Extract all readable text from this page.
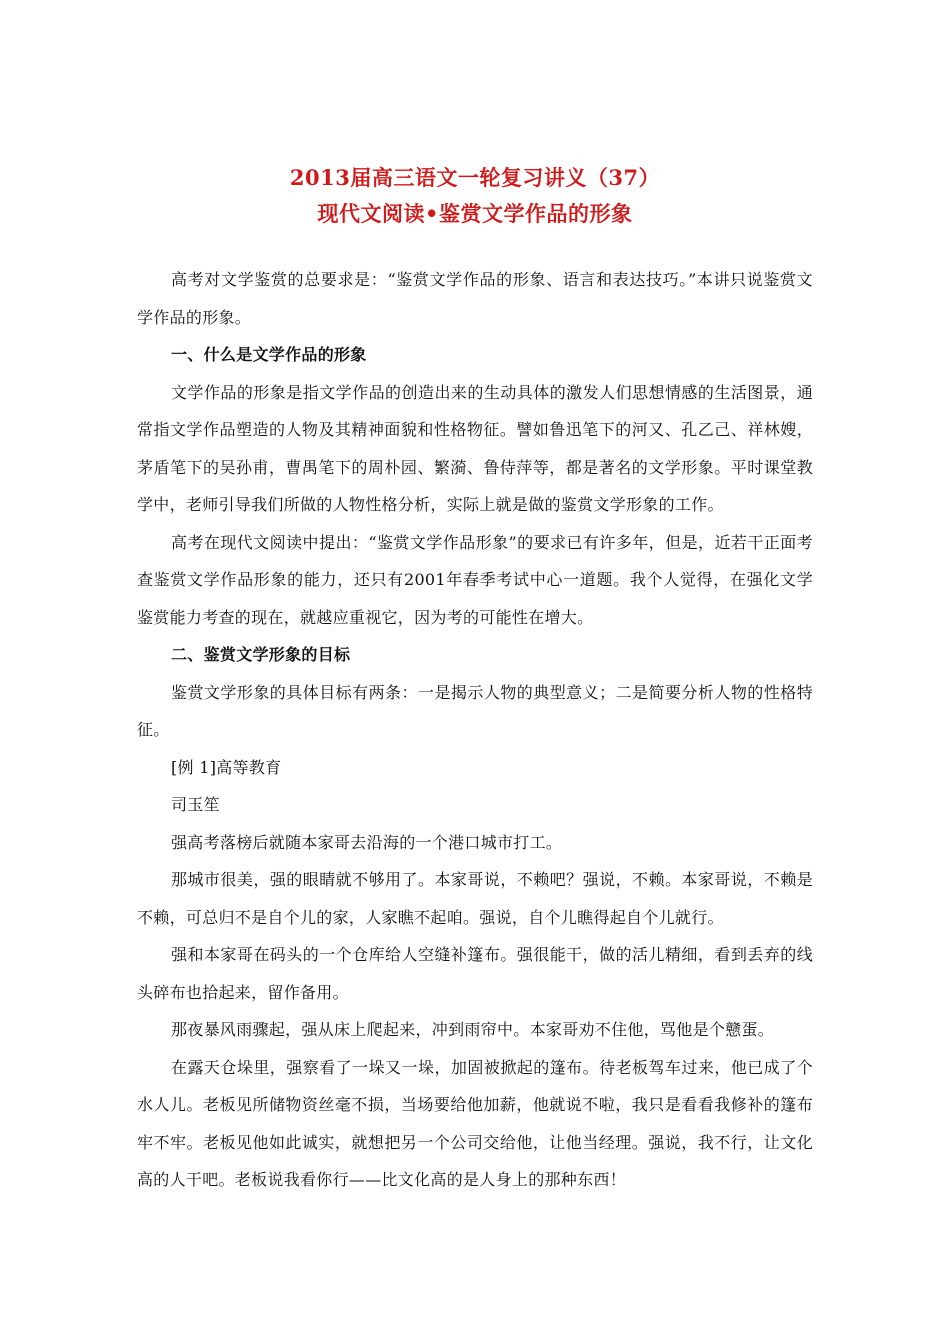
2013届高三语文一轮复习讲义（37）
现代文阅读•鉴赏文学作品的形象

高考对文学鉴赏的总要求是：“鉴赏文学作品的形象、语言和表达技巧。”本讲只说鉴赏文学作品的形象。

一、什么是文学作品的形象

文学作品的形象是指文学作品的创造出来的生动具体的激发人们思想情感的生活图景，通常指文学作品塑造的人物及其精神面貌和性格物征。譬如鲁迅笔下的河又、孔乙己、祥林嫂，茅盾笔下的吴孙甫，曹禺笔下的周朴园、繁漪、鲁侍萍等，都是著名的文学形象。平时课堂教学中，老师引导我们所做的人物性格分析，实际上就是做的鉴赏文学形象的工作。

高考在现代文阅读中提出：“鉴赏文学作品形象”的要求已有许多年，但是，近若干正面考查鉴赏文学作品形象的能力，还只有2001年春季考试中心一道题。我个人觉得，在强化文学鉴赏能力考查的现在，就越应重视它，因为考的可能性在增大。

二、鉴赏文学形象的目标

鉴赏文学形象的具体目标有两条：一是揭示人物的典型意义；二是简要分析人物的性格特征。

[例 1]高等教育

司玉笙

强高考落榜后就随本家哥去沿海的一个港口城市打工。

那城市很美，强的眼睛就不够用了。本家哥说，不赖吧？强说，不赖。本家哥说，不赖是不赖，可总归不是自个儿的家，人家瞧不起咱。强说，自个儿瞧得起自个儿就行。

强和本家哥在码头的一个仓库给人空缝补篷布。强很能干，做的活儿精细，看到丢弃的线头碎布也拾起来，留作备用。

那夜暴风雨骤起，强从床上爬起来，冲到雨帘中。本家哥劝不住他，骂他是个戆蛋。

在露天仓垛里，强察看了一垛又一垛，加固被掀起的篷布。待老板驾车过来，他已成了个水人儿。老板见所储物资丝毫不损，当场要给他加薪，他就说不啦，我只是看看我修补的篷布牢不牢。老板见他如此诚实，就想把另一个公司交给他，让他当经理。强说，我不行，让文化高的人干吧。老板说我看你行——比文化高的是人身上的那种东西！
